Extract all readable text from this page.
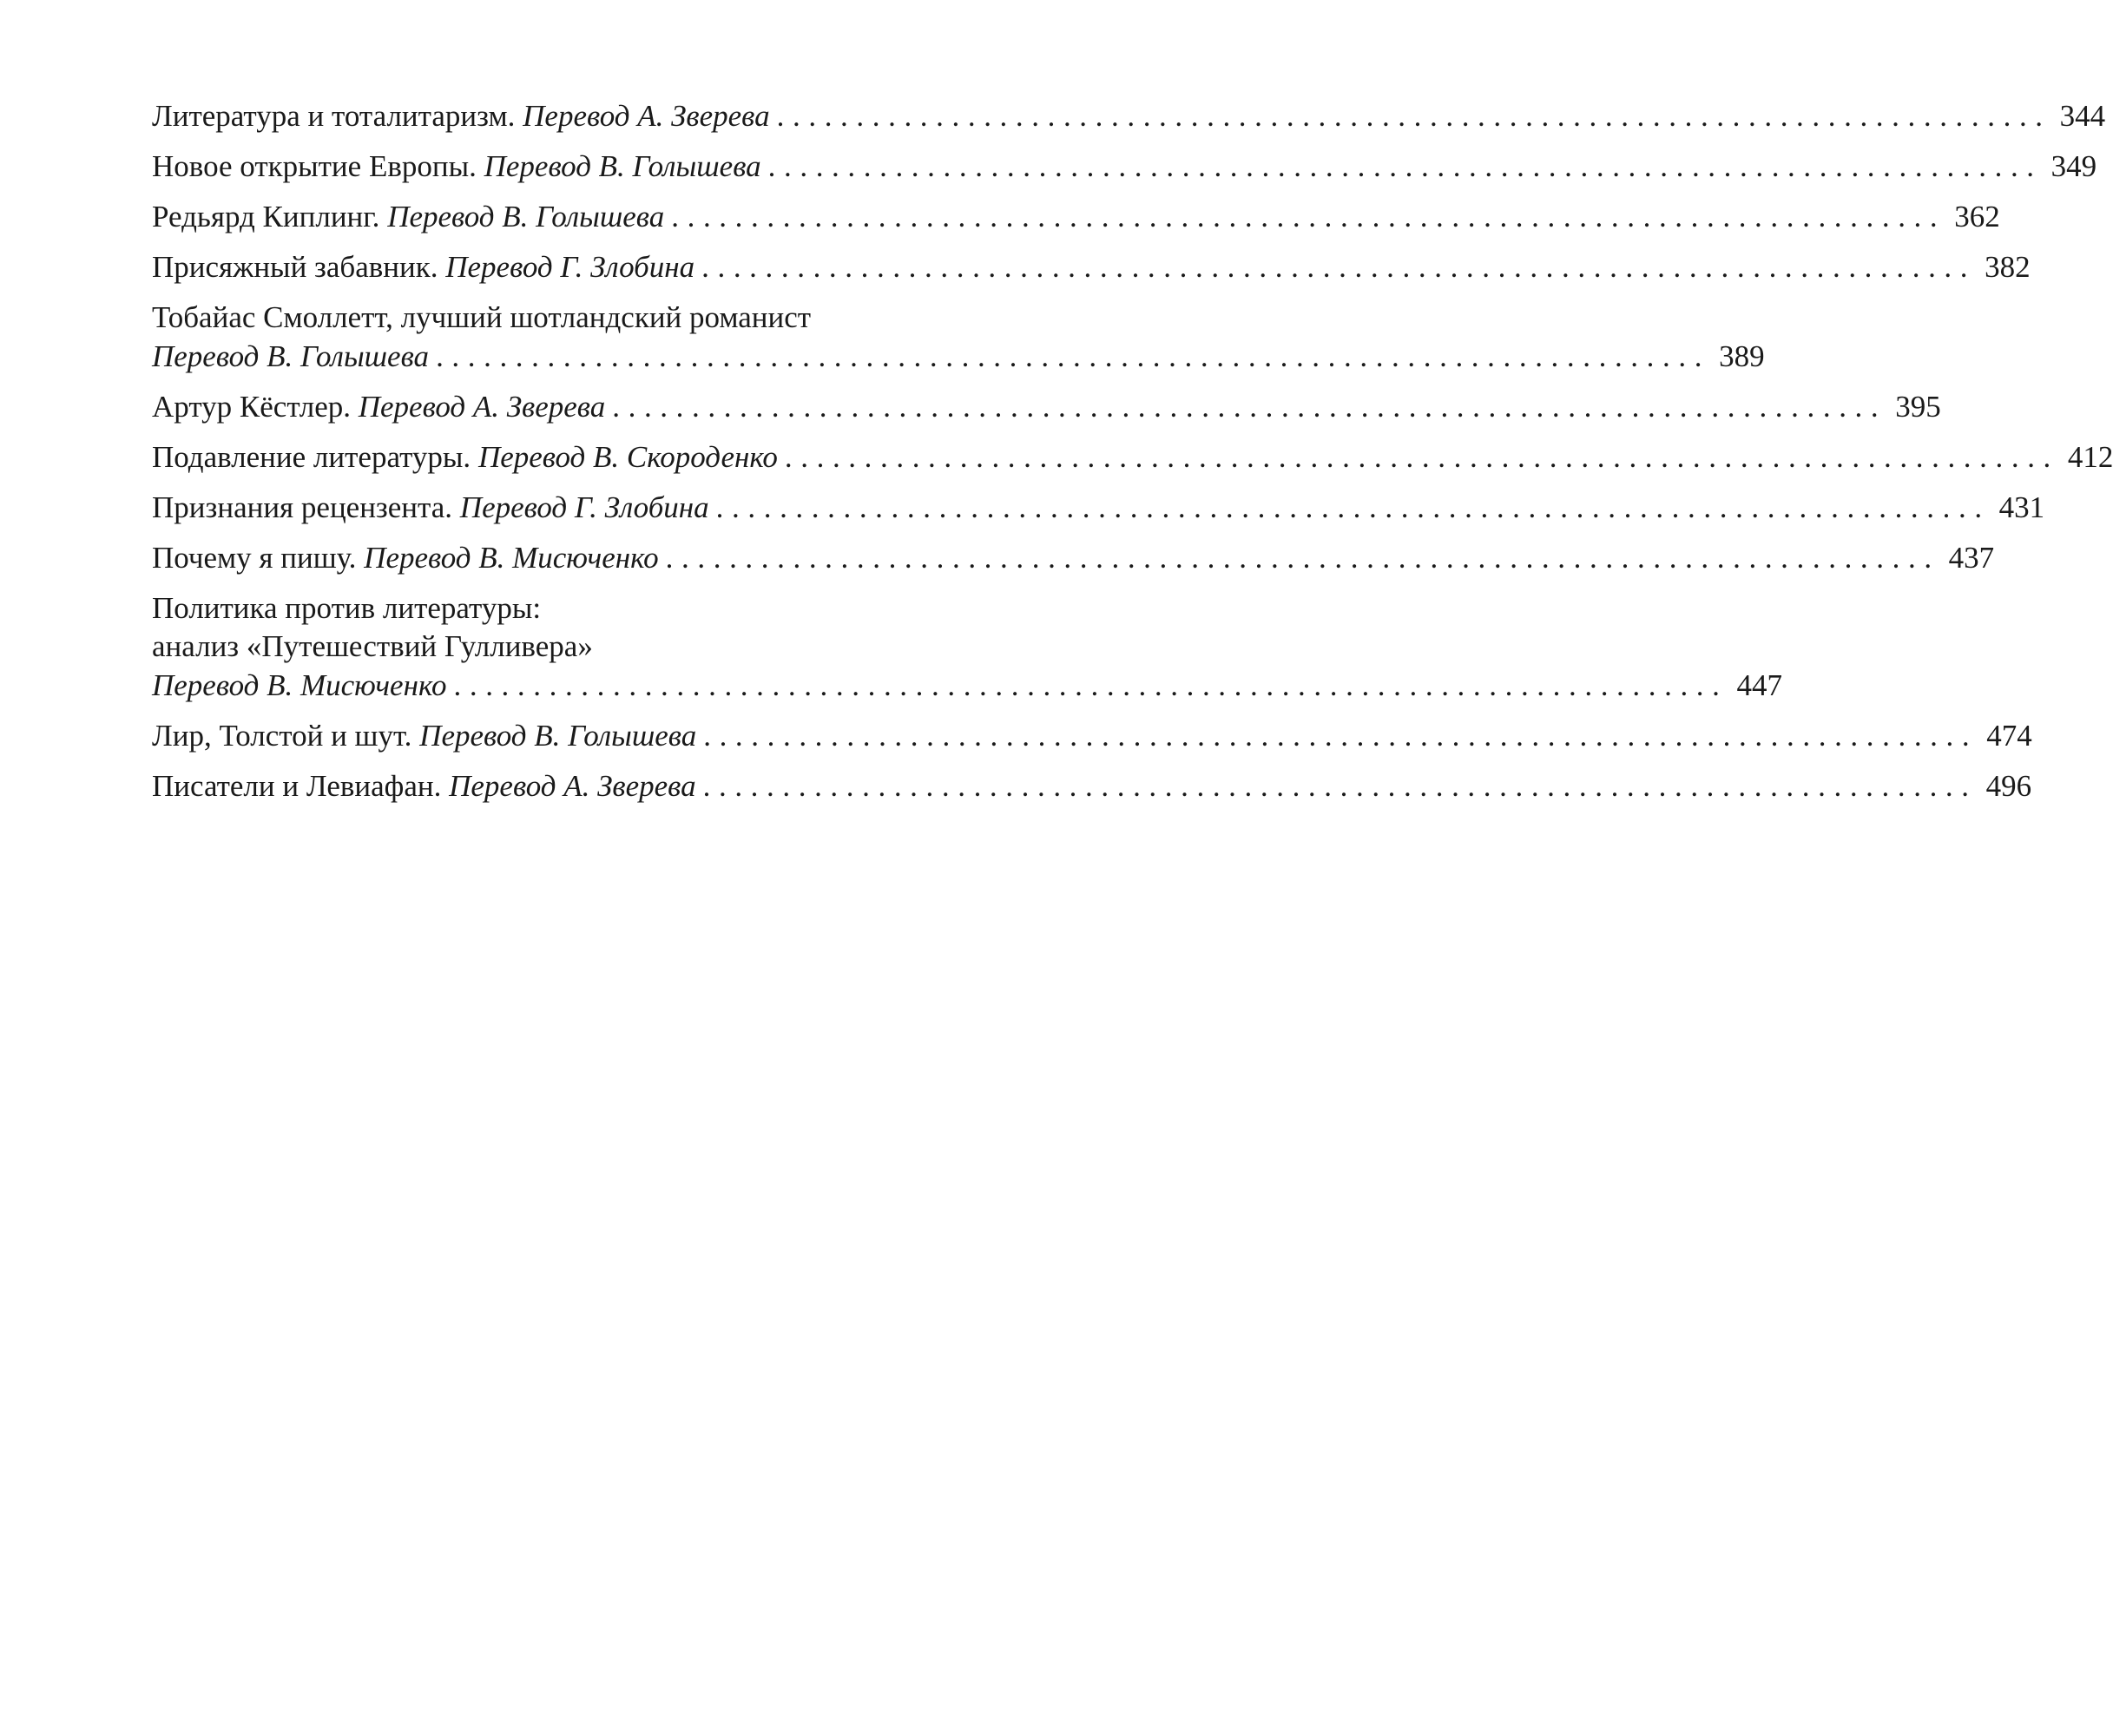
Литература и тоталитаризм. Перевод А. Зверева ................................................................................ 344
Новое открытие Европы. Перевод В. Голышева ................................................................................ 349
Редьярд Киплинг. Перевод В. Голышева ................................................................................ 362
Присяжный забавник. Перевод Г. Злобина ................................................................................ 382
Тобайас Смоллетт, лучший шотландский романист
Перевод В. Голышева ................................................................................ 389
Артур Кёстлер. Перевод А. Зверева ................................................................................ 395
Подавление литературы. Перевод В. Скороденко ................................................................................ 412
Признания рецензента. Перевод Г. Злобина ................................................................................ 431
Почему я пишу. Перевод В. Мисюченко ................................................................................ 437
Политика против литературы:
анализ «Путешествий Гулливера»
Перевод В. Мисюченко ................................................................................ 447
Лир, Толстой и шут. Перевод В. Голышева ................................................................................ 474
Писатели и Левиафан. Перевод А. Зверева ................................................................................ 496
